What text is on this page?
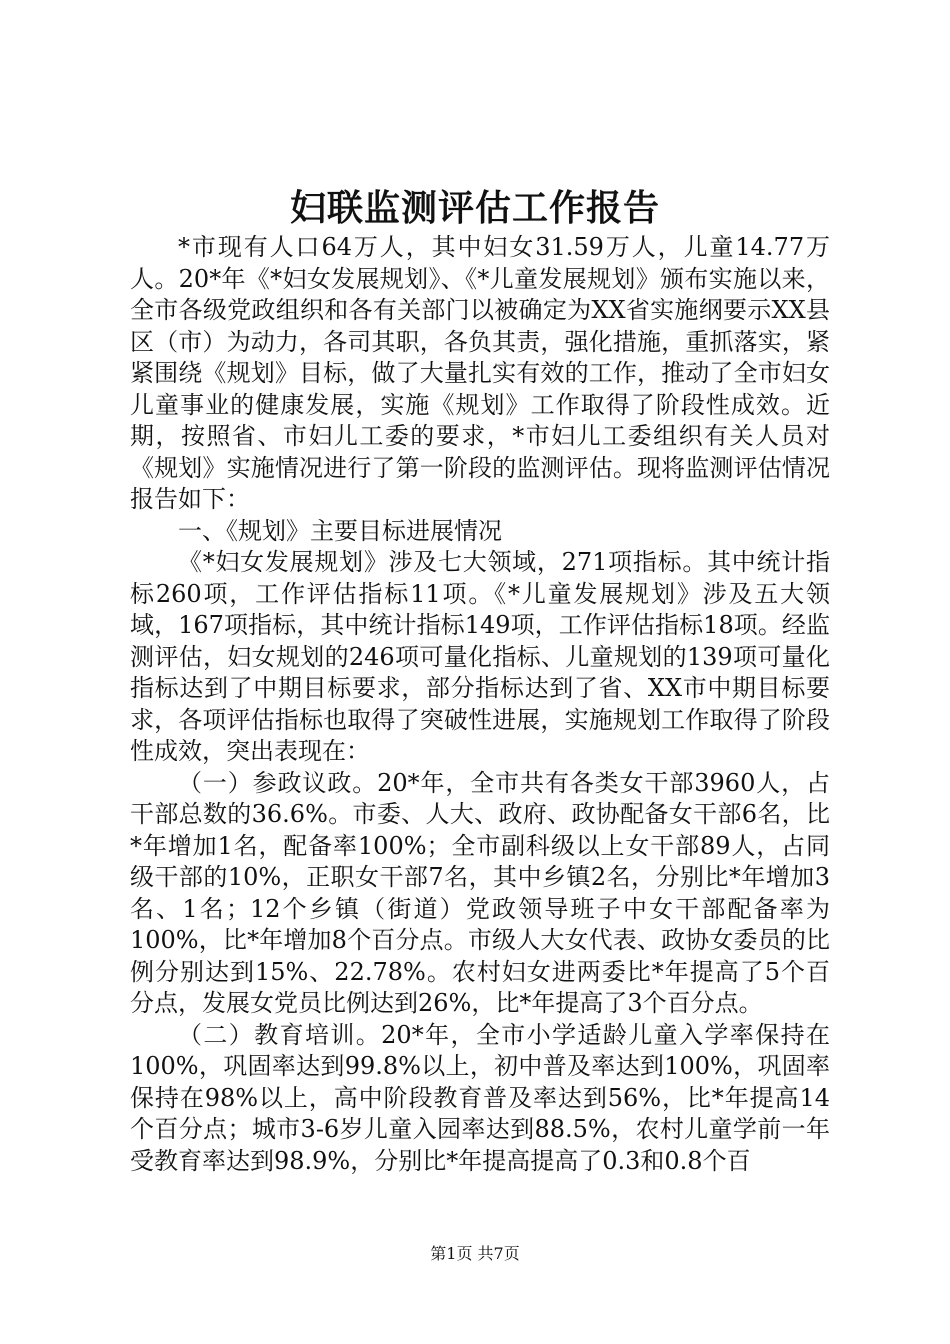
妇联监测评估工作报告

*市现有人口64万人，其中妇女31.59万人，儿童14.77万人。20*年《*妇女发展规划》、《*儿童发展规划》颁布实施以来，全市各级党政组织和各有关部门以被确定为XX省实施纲要示XX县区（市）为动力，各司其职，各负其责，强化措施，重抓落实，紧紧围绕《规划》目标，做了大量扎实有效的工作，推动了全市妇女儿童事业的健康发展，实施《规划》工作取得了阶段性成效。近期，按照省、市妇儿工委的要求，*市妇儿工委组织有关人员对《规划》实施情况进行了第一阶段的监测评估。现将监测评估情况报告如下：

一、《规划》主要目标进展情况

《*妇女发展规划》涉及七大领域，271项指标。其中统计指标260项，工作评估指标11项。《*儿童发展规划》涉及五大领域，167项指标，其中统计指标149项，工作评估指标18项。经监测评估，妇女规划的246项可量化指标、儿童规划的139项可量化指标达到了中期目标要求，部分指标达到了省、XX市中期目标要求，各项评估指标也取得了突破性进展，实施规划工作取得了阶段性成效，突出表现在：

（一）参政议政。20*年，全市共有各类女干部3960人，占干部总数的36.6%。市委、人大、政府、政协配备女干部6名，比*年增加1名，配备率100%；全市副科级以上女干部89人，占同级干部的10%，正职女干部7名，其中乡镇2名，分别比*年增加3名、1名；12个乡镇（街道）党政领导班子中女干部配备率为100%，比*年增加8个百分点。市级人大女代表、政协女委员的比例分别达到15%、22.78%。农村妇女进两委比*年提高了5个百分点，发展女党员比例达到26%，比*年提高了3个百分点。

（二）教育培训。20*年，全市小学适龄儿童入学率保持在100%，巩固率达到99.8%以上，初中普及率达到100%，巩固率保持在98%以上，高中阶段教育普及率达到56%，比*年提高14个百分点；城市3-6岁儿童入园率达到88.5%，农村儿童学前一年受教育率达到98.9%，分别比*年提高提高了0.3和0.8个百

第1页 共7页
